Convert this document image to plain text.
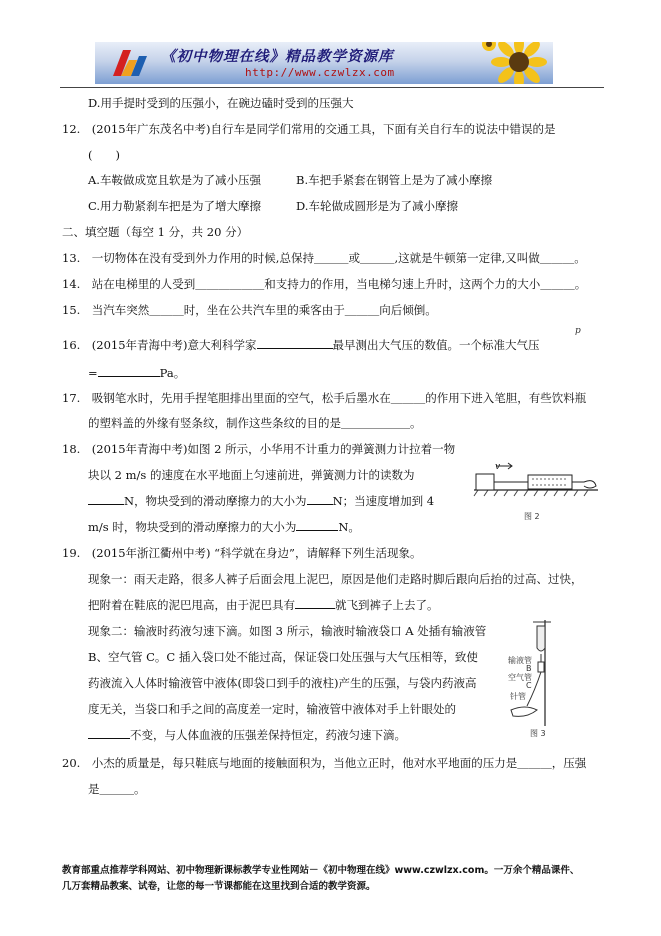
《初中物理在线》精品教学资源库
http://www.czwlzx.com
D.用手提时受到的压强小，在碗边磕时受到的压强大
12.　(2015年广东茂名中考)自行车是同学们常用的交通工具，下面有关自行车的说法中错误的是
(　　)
A.车鞍做成宽且软是为了减小压强	B.车把手紧套在钢管上是为了减小摩擦
C.用力勒紧刹车把是为了增大摩擦	D.车轮做成圆形是为了减小摩擦
二、填空题（每空 1 分，共 20 分）
13.　一切物体在没有受到外力作用的时候,总保持＿＿＿或＿＿＿,这就是牛顿第一定律,又叫做＿＿＿。
14.　站在电梯里的人受到＿＿＿＿＿＿和支持力的作用，当电梯匀速上升时，这两个力的大小＿＿＿。
15.　当汽车突然＿＿＿时，坐在公共汽车里的乘客由于＿＿＿向后倾倒。
16.　(2015年青海中考)意大利科学家	最早测出大气压的数值。一个标准大气压
p
=	Pa。
17.　吸钢笔水时，先用手捏笔胆排出里面的空气，松手后墨水在＿＿＿的作用下进入笔胆，有些饮料瓶
的塑料盖的外缘有竖条纹，制作这些条纹的目的是＿＿＿＿＿＿。
18.　(2015年青海中考)如图 2 所示，小华用不计重力的弹簧测力计拉着一物
块以 2 m/s 的速度在水平地面上匀速前进，弹簧测力计的读数为
N，物块受到的滑动摩擦力的大小为 N；当速度增加到 4
m/s 时，物块受到的滑动摩擦力的大小为	N。
v
图 2
19.　(2015年浙江衢州中考) “科学就在身边”，请解释下列生活现象。
现象一：雨天走路，很多人裤子后面会甩上泥巴，原因是他们走路时脚后跟向后抬的过高、过快，
把附着在鞋底的泥巴甩高，由于泥巴具有	就飞到裤子上去了。
现象二：输液时药液匀速下滴。如图 3 所示，输液时输液袋口 A 处插有输液管
B、空气管 C。C 插入袋口处不能过高，保证袋口处压强与大气压相等，致使
药液流入人体时输液管中液体(即袋口到手的液柱)产生的压强，与袋内药液高
度无关，当袋口和手之间的高度差一定时，输液管中液体对手上针眼处的
不变，与人体血液的压强差保持恒定，药液匀速下滴。
输液管
B
空气管
C
针管
图 3
20.　小杰的质量是，每只鞋底与地面的接触面积为，当他立正时，他对水平地面的压力是＿＿＿，压强
是＿＿＿。
教育部重点推荐学科网站、初中物理新课标教学专业性网站－《初中物理在线》www.czwlzx.com。一万余个精品课件、
几万套精品教案、试卷，让您的每一节课都能在这里找到合适的教学资源。
